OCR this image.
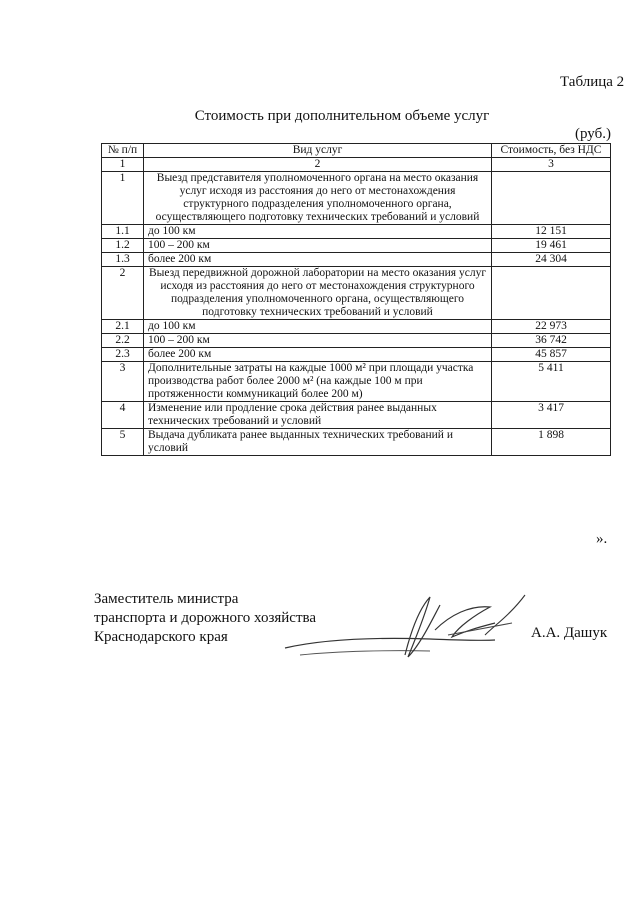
Таблица 2
Стоимость при дополнительном объеме услуг
(руб.)
№ п/п	Вид услуг	Стоимость, без НДС
1	2	3
1	Выезд представителя уполномоченного органа на место оказания услуг исходя из расстояния до него от местонахождения структурного подразделения уполномоченного органа, осуществляющего подготовку технических требований и условий	
1.1	до 100 км	12 151
1.2	100 – 200 км	19 461
1.3	более 200 км	24 304
2	Выезд передвижной дорожной лаборатории на место оказания услуг исходя из расстояния до него от местонахождения структурного подразделения уполномоченного органа, осуществляющего подготовку технических требований и условий	
2.1	до 100 км	22 973
2.2	100 – 200 км	36 742
2.3	более 200 км	45 857
3	Дополнительные затраты на каждые 1000 м² при площади участка производства работ более 2000 м² (на каждые 100 м при протяженности коммуникаций более 200 м)	5 411
4	Изменение или продление срока действия ранее выданных технических требований и условий	3 417
5	Выдача дубликата ранее выданных технических требований и условий	1 898
».
Заместитель министра
транспорта и дорожного хозяйства
Краснодарского края	А.А. Дашук
